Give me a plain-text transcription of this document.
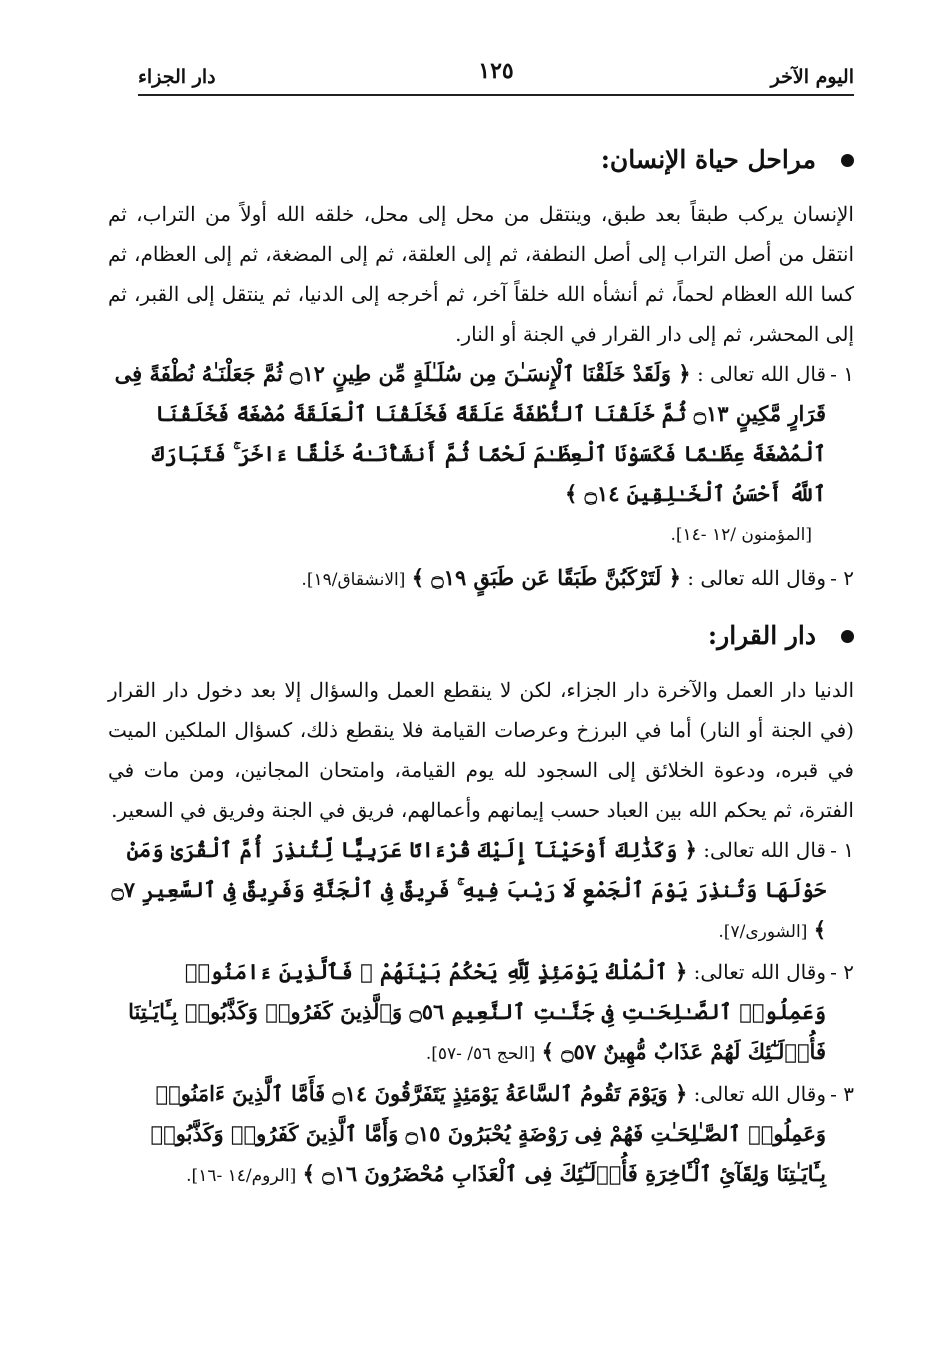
اليوم الآخر
١٢٥
دار الجزاء
مراحل حياة الإنسان:

الإنسان يركب طبقاً بعد طبق، وينتقل من محل إلى محل، خلقه الله أولاً من التراب، ثم انتقل من أصل التراب إلى أصل النطفة، ثم إلى العلقة، ثم إلى المضغة، ثم إلى العظام، ثم كسا الله العظام لحماً، ثم أنشأه الله خلقاً آخر، ثم أخرجه إلى الدنيا، ثم ينتقل إلى القبر، ثم إلى المحشر، ثم إلى دار القرار في الجنة أو النار.

١ -
قال الله تعالى : ﴿ وَلَقَدْ خَلَقْنَا ٱلْإِنسَـٰنَ مِن سُلَـٰلَةٍ مِّن طِينٍ ۝١٢ ثُمَّ جَعَلْنَـٰهُ نُطْفَةً فِى قَرَارٍ مَّكِينٍ ۝١٣ ثُمَّ خَلَقْنَا ٱلنُّطْفَةَ عَلَقَةً فَخَلَقْنَا ٱلْعَلَقَةَ مُضْغَةً فَخَلَقْنَا ٱلْمُضْغَةَ عِظَـٰمًا فَكَسَوْنَا ٱلْعِظَـٰمَ لَحْمًا ثُمَّ أَنشَأْنَـٰهُ خَلْقًا ءَاخَرَ ۚ فَتَبَارَكَ ٱللَّهُ أَحْسَنُ ٱلْخَـٰلِقِينَ ۝١٤ ﴾
[المؤمنون /١٢ -١٤].
٢ -
وقال الله تعالى : ﴿ لَتَرْكَبُنَّ طَبَقًا عَن طَبَقٍ ۝١٩ ﴾ [الانشقاق/١٩].
دار القرار:

الدنيا دار العمل والآخرة دار الجزاء، لكن لا ينقطع العمل والسؤال إلا بعد دخول دار القرار (في الجنة أو النار) أما في البرزخ وعرصات القيامة فلا ينقطع ذلك، كسؤال الملكين الميت في قبره، ودعوة الخلائق إلى السجود لله يوم القيامة، وامتحان المجانين، ومن مات في الفترة، ثم يحكم الله بين العباد حسب إيمانهم وأعمالهم، فريق في الجنة وفريق في السعير.

١ -
قال الله تعالى: ﴿ وَكَذَٰلِكَ أَوْحَيْنَآ إِلَيْكَ قُرْءَانًا عَرَبِيًّا لِّتُنذِرَ أُمَّ ٱلْقُرَىٰ وَمَنْ حَوْلَهَا وَتُنذِرَ يَوْمَ ٱلْجَمْعِ لَا رَيْبَ فِيهِ ۚ فَرِيقٌ فِى ٱلْجَنَّةِ وَفَرِيقٌ فِى ٱلسَّعِيرِ ۝٧ ﴾ [الشورى/٧].
٢ -
وقال الله تعالى: ﴿ ٱلْمُلْكُ يَوْمَئِذٍ لِّلَّهِ يَحْكُمُ بَيْنَهُمْ ۚ فَٱلَّذِينَ ءَامَنُوا۟ وَعَمِلُوا۟ ٱلصَّـٰلِحَـٰتِ فِى جَنَّـٰتِ ٱلنَّعِيمِ ۝٥٦ وَٱلَّذِينَ كَفَرُوا۟ وَكَذَّبُوا۟ بِـَٔايَـٰتِنَا فَأُو۟لَـٰٓئِكَ لَهُمْ عَذَابٌ مُّهِينٌ ۝٥٧ ﴾ [الحج ٥٦/ -٥٧].
٣ -
وقال الله تعالى: ﴿ وَيَوْمَ تَقُومُ ٱلسَّاعَةُ يَوْمَئِذٍ يَتَفَرَّقُونَ ۝١٤ فَأَمَّا ٱلَّذِينَ ءَامَنُوا۟ وَعَمِلُوا۟ ٱلصَّـٰلِحَـٰتِ فَهُمْ فِى رَوْضَةٍ يُحْبَرُونَ ۝١٥ وَأَمَّا ٱلَّذِينَ كَفَرُوا۟ وَكَذَّبُوا۟ بِـَٔايَـٰتِنَا وَلِقَآئِ ٱلْـَٔاخِرَةِ فَأُو۟لَـٰٓئِكَ فِى ٱلْعَذَابِ مُحْضَرُونَ ۝١٦ ﴾ [الروم/١٤ -١٦].
